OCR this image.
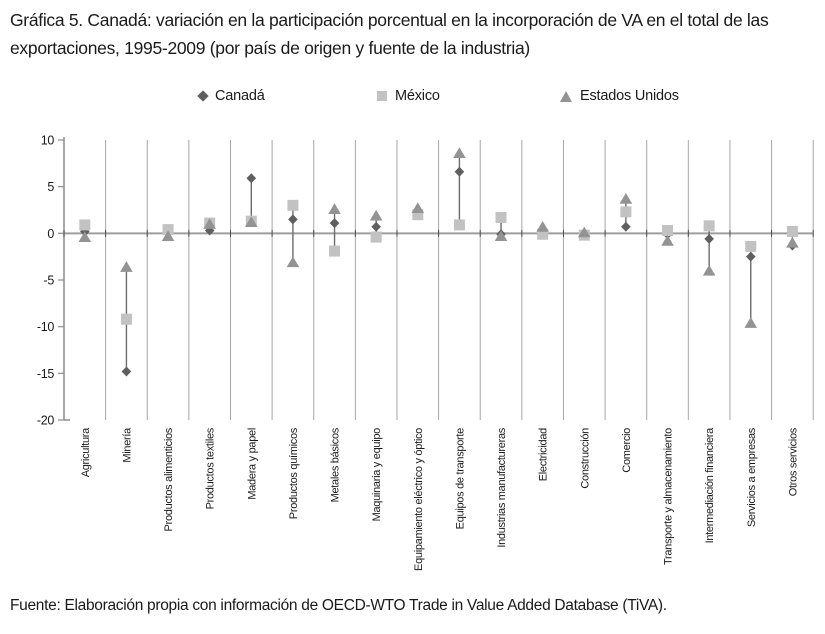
Gráfica 5. Canadá: variación en la participación porcentual en la incorporación de VA en el total de las exportaciones, 1995-2009 (por país de origen y fuente de la industria)
Canadá	México	Estados Unidos
10
5
0
-5
-10
-15
-20
Agricultura	Minería	Productos alimenticios	Productos textiles	Madera y papel	Productos químicos	Metales básicos	Maquinaria y equipo	Equipamiento eléctrico y óptico	Equipos de transporte	Industrias manufactureras	Electricidad	Construcción	Comercio	Transporte y almacenamiento	Intermediación financiera	Servicios a empresas	Otros servicios
Fuente: Elaboración propia con información de OECD-WTO Trade in Value Added Database (TiVA).
